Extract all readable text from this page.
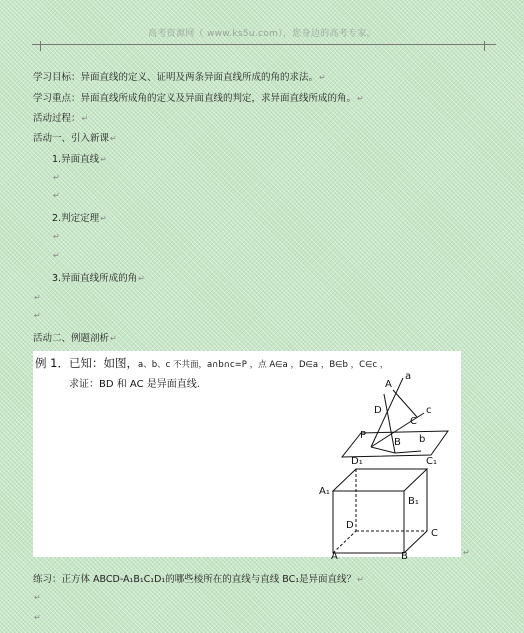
高考资源网（ www.ks5u.com），您身边的高考专家。
学习目标：异面直线的定义、证明及两条异面直线所成的角的求法。↵
学习重点：异面直线所成角的定义及异面直线的判定，求异面直线所成的角。↵
活动过程：↵
活动一、引入新课↵
1.异面直线↵
↵
↵
2.判定定理↵
↵
↵
3.异面直线所成的角↵
↵
↵
活动二、例题剖析↵
例 1．已知：如图，a、b、c 不共面，a∩b∩c=P ，点 A∈a ，D∈a ，B∈b ，C∈c ，
求证：BD 和 AC 是异面直线.	A
a
D	c
C
P
B b
D₁	C₁
A₁
B₁
D
C
A	B	↵
练习：正方体 ABCD-A₁B₁C₁D₁的哪些棱所在的直线与直线 BC₁是异面直线？↵
↵
↵
